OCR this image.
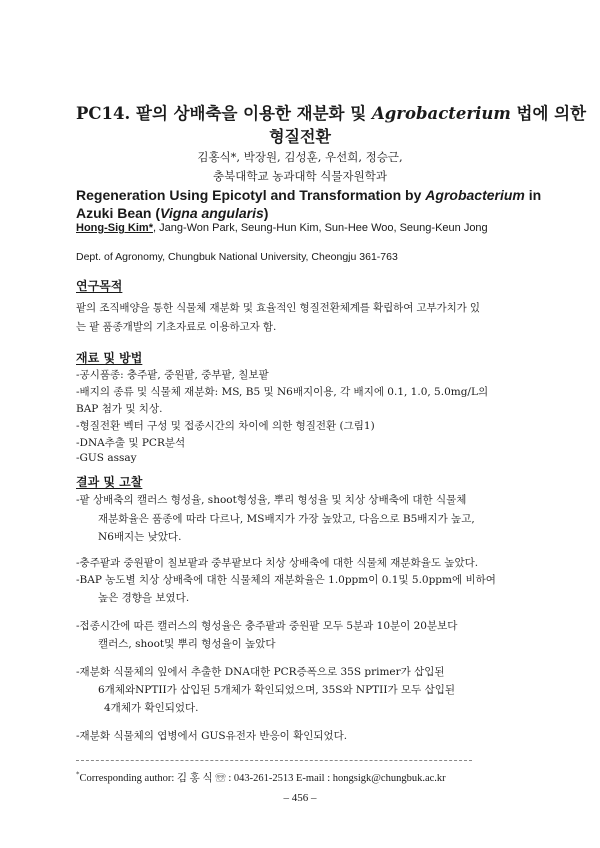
PC14. 팥의 상배축을 이용한 재분화 및 Agrobacterium 법에 의한
형질전환
김홍식*, 박장원, 김성훈, 우선희, 정승근,
충북대학교 농과대학 식물자원학과
Regeneration Using Epicotyl and Transformation by Agrobacterium in
Azuki Bean (Vigna angularis)
Hong-Sig Kim*, Jang-Won Park, Seung-Hun Kim, Sun-Hee Woo, Seung-Keun Jong
Dept. of Agronomy, Chungbuk National University, Cheongju 361-763
연구목적
팥의 조직배양을 통한 식물체 재분화 및 효율적인 형질전환체계를 확립하여 고부가치가 있
는 팥 품종개발의 기초자료로 이용하고자 함.
재료 및 방법
-공시품종: 충주팥, 중원팥, 중부팥, 칠보팥
-배지의 종류 및 식물체 재분화: MS, B5 및 N6배지이용, 각 배지에 0.1, 1.0, 5.0mg/L의
BAP 첨가 및 치상.
-형질전환 벡터 구성 및 접종시간의 차이에 의한 형질전환 (그림1)
-DNA추출 및 PCR분석
-GUS assay
결과 및 고찰
-팥 상배축의 캘러스 형성율, shoot형성율, 뿌리 형성율 및 치상 상배축에 대한 식물체
재분화율은 품종에 따라 다르나, MS배지가 가장 높았고, 다음으로 B5배지가 높고,
N6배지는 낮았다.
-충주팥과 중원팥이 칠보팥과 중부팥보다 치상 상배축에 대한 식물체 재분화율도 높았다.
-BAP 농도별 치상 상배축에 대한 식물체의 재분화율은 1.0ppm이 0.1및 5.0ppm에 비하여
높은 경향을 보였다.
-접종시간에 따른 캘러스의 형성율은 충주팥과 중원팥 모두 5분과 10분이 20분보다
캘러스, shoot및 뿌리 형성율이 높았다
-재분화 식물체의 잎에서 추출한 DNA대한 PCR증폭으로 35S primer가 삽입된
6개체와NPTII가 삽입된 5개체가 확인되었으며, 35S와 NPTII가 모두 삽입된
4개체가 확인되었다.
-재분화 식물체의 엽병에서 GUS유전자 반응이 확인되었다.
*Corresponding author: 김 홍 식 ☏ : 043-261-2513 E-mail : hongsigk@chungbuk.ac.kr
– 456 –
